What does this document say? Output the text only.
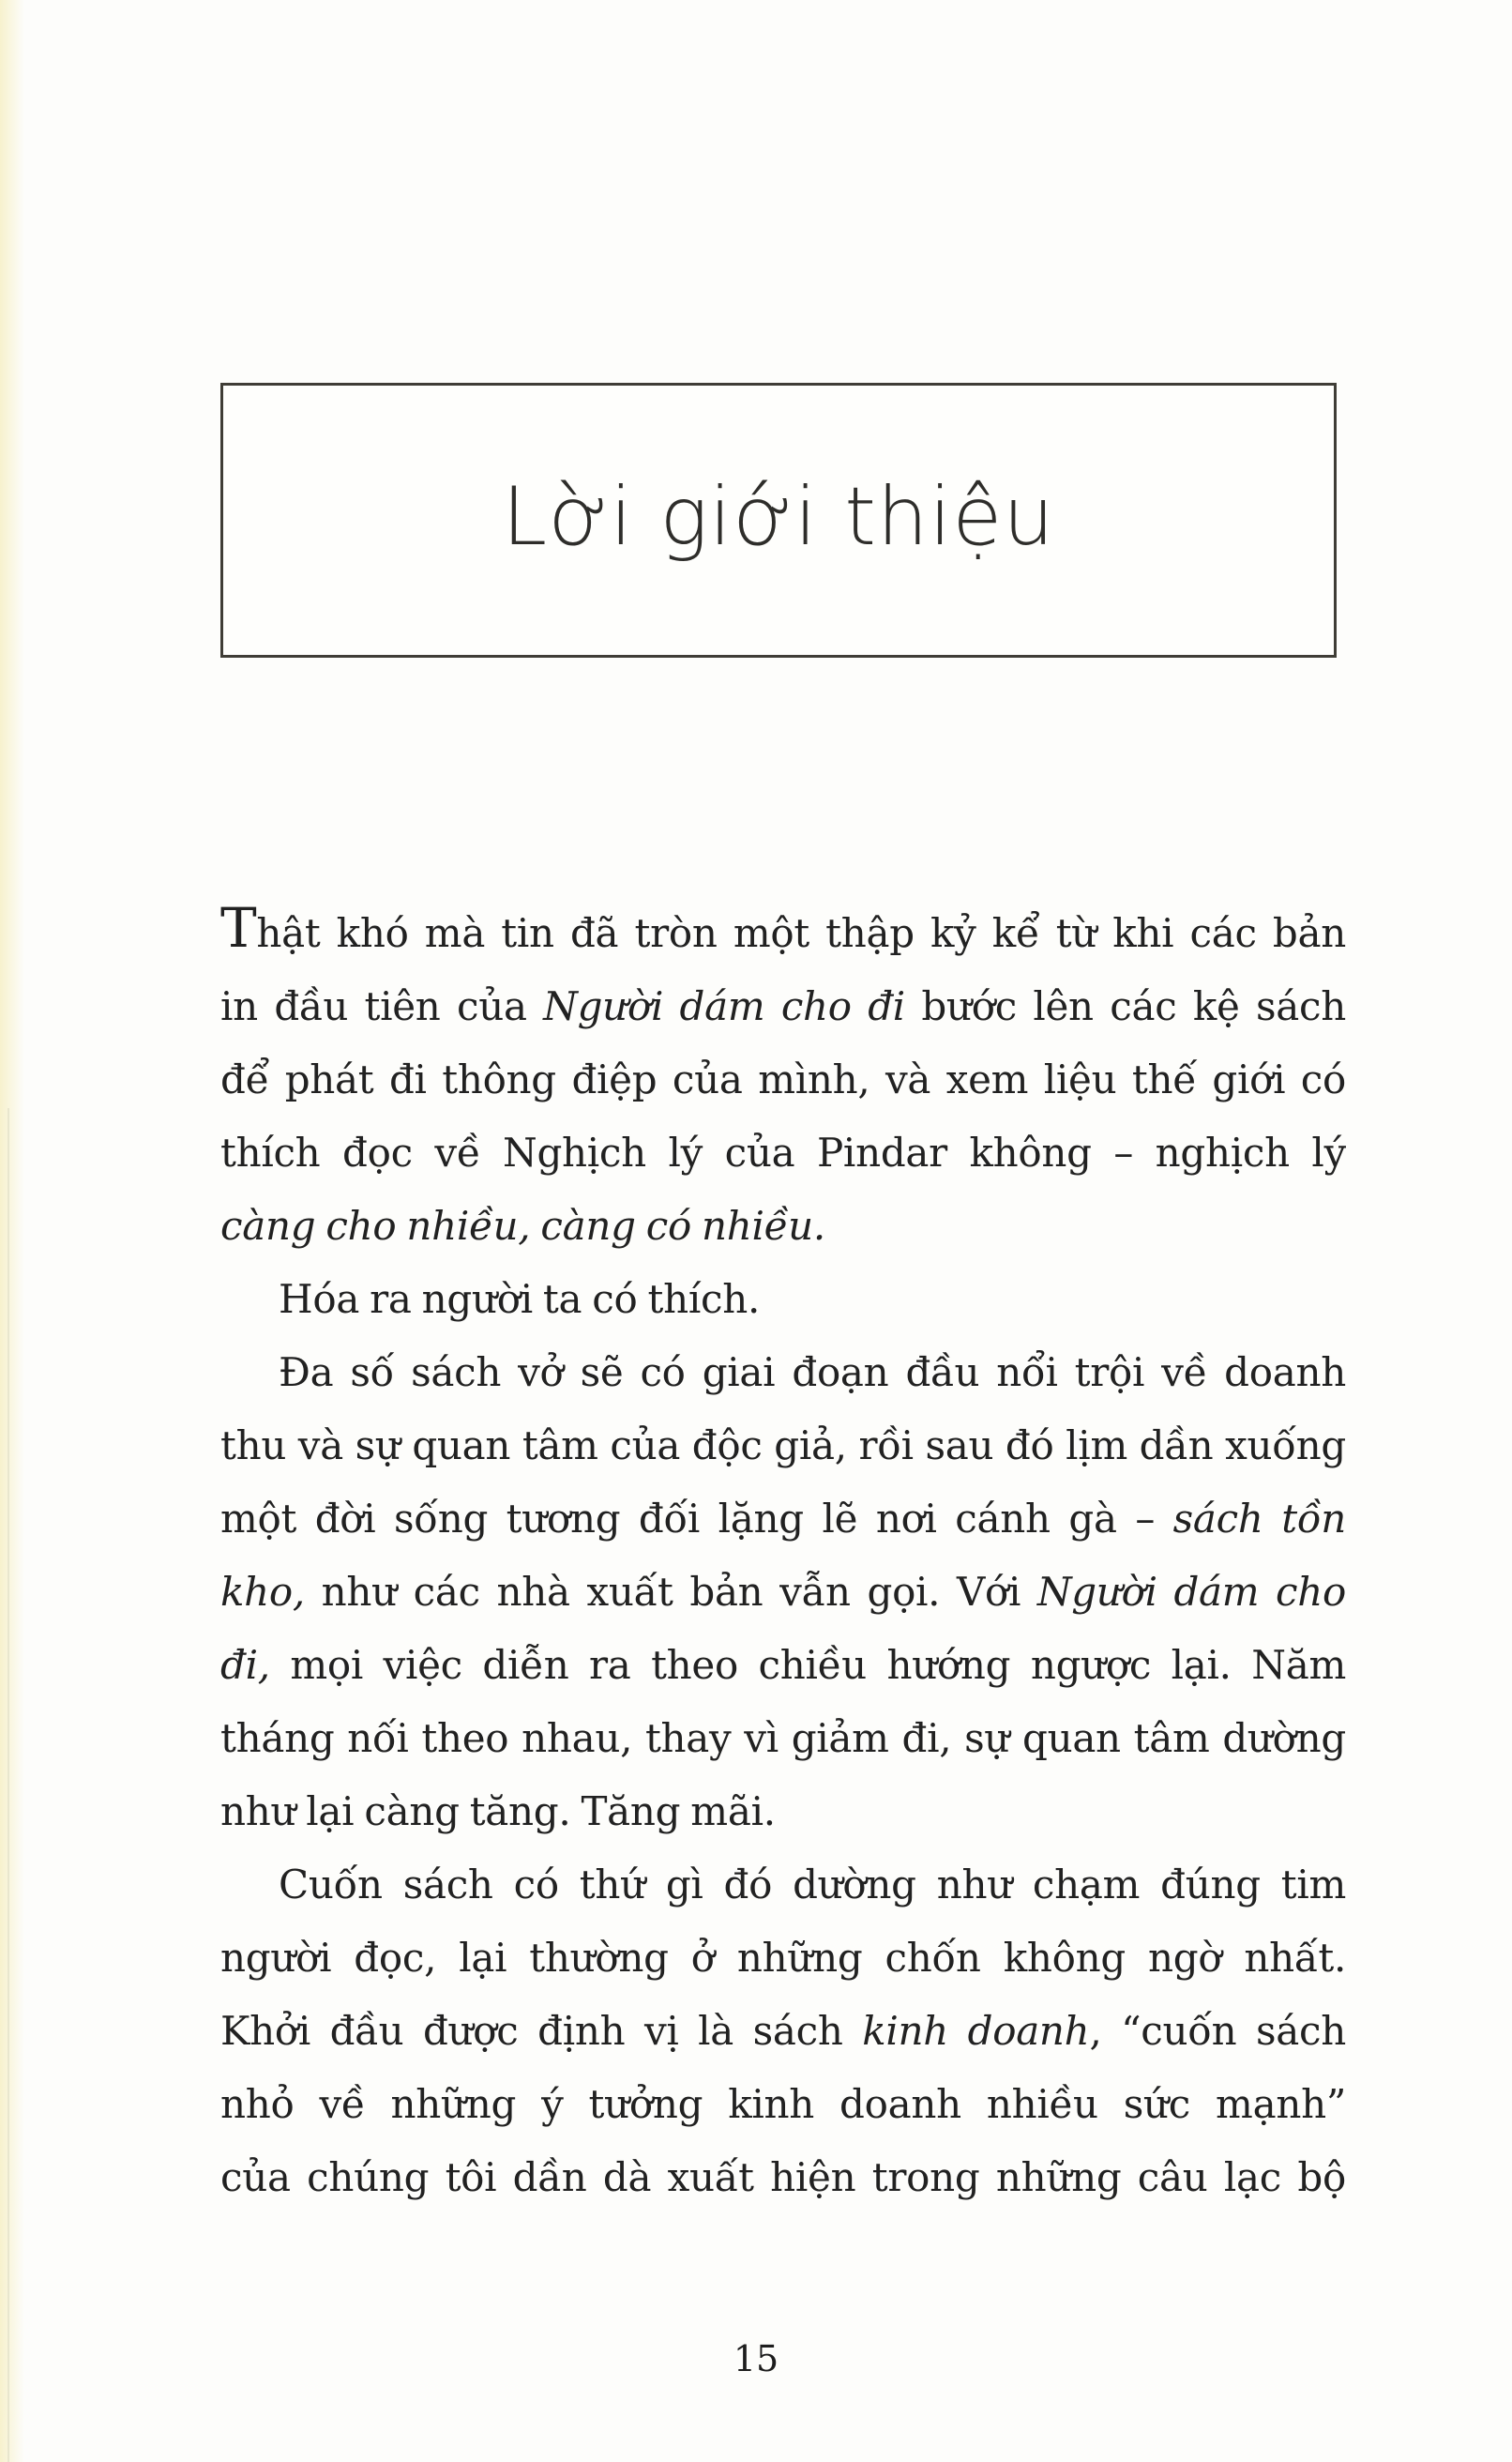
Lời giới thiệu
Thật khó mà tin đã tròn một thập kỷ kể từ khi các bản
in đầu tiên của Người dám cho đi bước lên các kệ sách
để phát đi thông điệp của mình, và xem liệu thế giới có
thích đọc về Nghịch lý của Pindar không – nghịch lý
càng cho nhiều, càng có nhiều.
Hóa ra người ta có thích.
Đa số sách vở sẽ có giai đoạn đầu nổi trội về doanh
thu và sự quan tâm của độc giả, rồi sau đó lịm dần xuống
một đời sống tương đối lặng lẽ nơi cánh gà – sách tồn
kho, như các nhà xuất bản vẫn gọi. Với Người dám cho
đi, mọi việc diễn ra theo chiều hướng ngược lại. Năm
tháng nối theo nhau, thay vì giảm đi, sự quan tâm dường
như lại càng tăng. Tăng mãi.
Cuốn sách có thứ gì đó dường như chạm đúng tim
người đọc, lại thường ở những chốn không ngờ nhất.
Khởi đầu được định vị là sách kinh doanh, “cuốn sách
nhỏ về những ý tưởng kinh doanh nhiều sức mạnh”
của chúng tôi dần dà xuất hiện trong những câu lạc bộ
15
